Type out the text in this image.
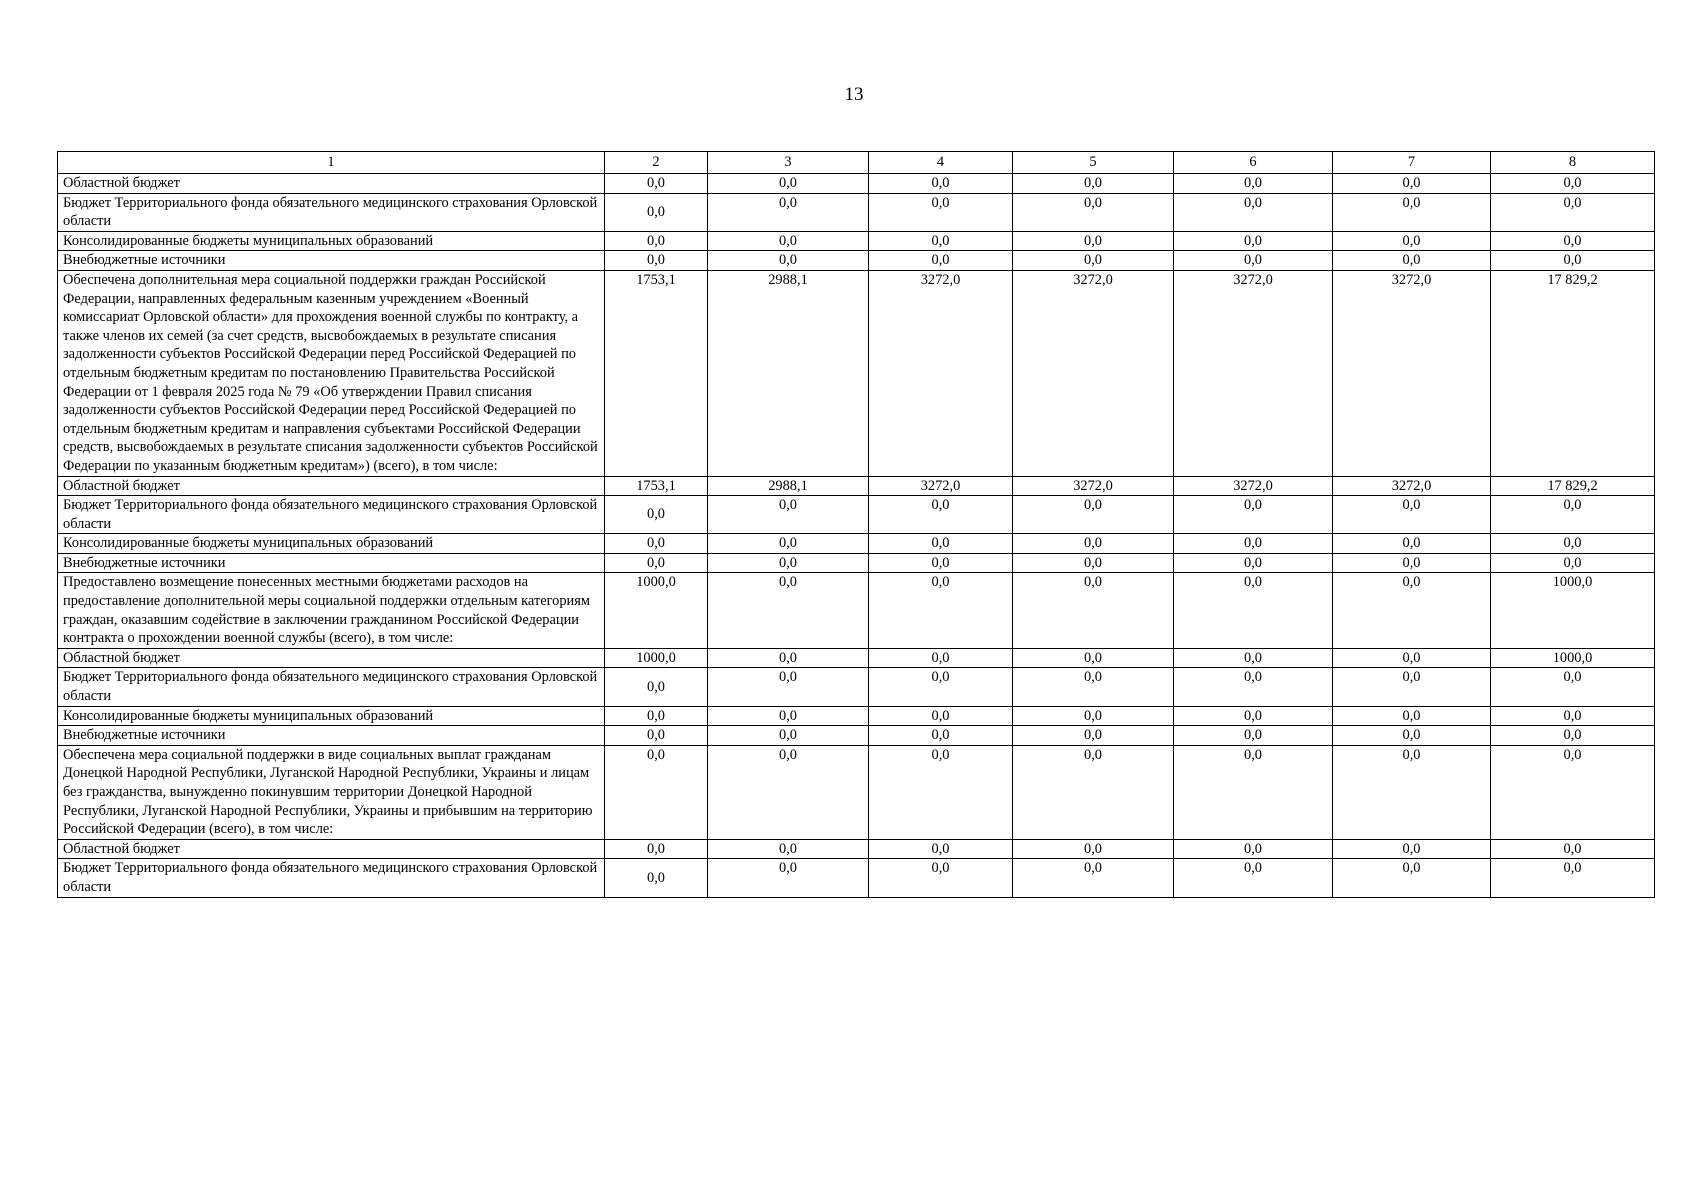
13
1	2	3	4	5	6	7	8
Областной бюджет	0,0	0,0	0,0	0,0	0,0	0,0	0,0
Бюджет Территориального фонда обязательного медицинского страхования Орловской области	0,0	0,0	0,0	0,0	0,0	0,0	0,0
Консолидированные бюджеты муниципальных образований	0,0	0,0	0,0	0,0	0,0	0,0	0,0
Внебюджетные источники	0,0	0,0	0,0	0,0	0,0	0,0	0,0
Обеспечена дополнительная мера социальной поддержки граждан Российской Федерации, направленных федеральным казенным учреждением «Военный комиссариат Орловской области» для прохождения военной службы по контракту, а также членов их семей (за счет средств, высвобождаемых в результате списания задолженности субъектов Российской Федерации перед Российской Федерацией по отдельным бюджетным кредитам по постановлению Правительства Российской Федерации от 1 февраля 2025 года № 79 «Об утверждении Правил списания задолженности субъектов Российской Федерации перед Российской Федерацией по отдельным бюджетным кредитам и направления субъектами Российской Федерации средств, высвобождаемых в результате списания задолженности субъектов Российской Федерации по указанным бюджетным кредитам») (всего), в том числе:	1753,1	2988,1	3272,0	3272,0	3272,0	3272,0	17 829,2
Областной бюджет	1753,1	2988,1	3272,0	3272,0	3272,0	3272,0	17 829,2
Бюджет Территориального фонда обязательного медицинского страхования Орловской области	0,0	0,0	0,0	0,0	0,0	0,0	0,0
Консолидированные бюджеты муниципальных образований	0,0	0,0	0,0	0,0	0,0	0,0	0,0
Внебюджетные источники	0,0	0,0	0,0	0,0	0,0	0,0	0,0
Предоставлено возмещение понесенных местными бюджетами расходов на предоставление дополнительной меры социальной поддержки отдельным категориям граждан, оказавшим содействие в заключении гражданином Российской Федерации контракта о прохождении военной службы (всего), в том числе:	1000,0	0,0	0,0	0,0	0,0	0,0	1000,0
Областной бюджет	1000,0	0,0	0,0	0,0	0,0	0,0	1000,0
Бюджет Территориального фонда обязательного медицинского страхования Орловской области	0,0	0,0	0,0	0,0	0,0	0,0	0,0
Консолидированные бюджеты муниципальных образований	0,0	0,0	0,0	0,0	0,0	0,0	0,0
Внебюджетные источники	0,0	0,0	0,0	0,0	0,0	0,0	0,0
Обеспечена мера социальной поддержки в виде социальных выплат гражданам Донецкой Народной Республики, Луганской Народной Республики, Украины и лицам без гражданства, вынужденно покинувшим территории Донецкой Народной Республики, Луганской Народной Республики, Украины и прибывшим на территорию Российской Федерации (всего), в том числе:	0,0	0,0	0,0	0,0	0,0	0,0	0,0
Областной бюджет	0,0	0,0	0,0	0,0	0,0	0,0	0,0
Бюджет Территориального фонда обязательного медицинского страхования Орловской области	0,0	0,0	0,0	0,0	0,0	0,0	0,0
